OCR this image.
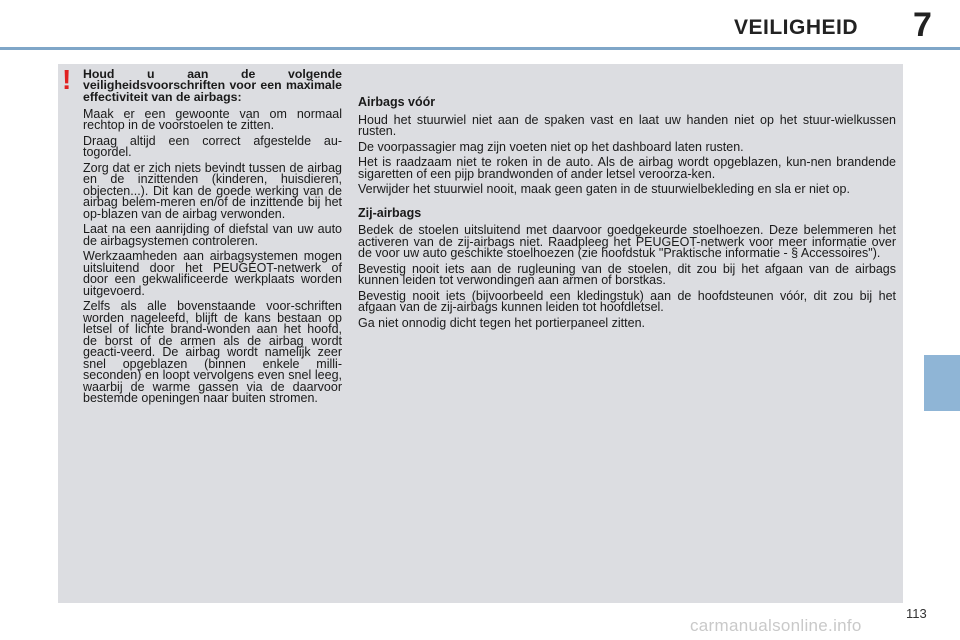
VEILIGHEID 7
! Houd u aan de volgende veiligheidsvoorschriften voor een maximale effectiviteit van de airbags:

Maak er een gewoonte van om normaal rechtop in de voorstoelen te zitten.

Draag altijd een correct afgestelde au-togordel.

Zorg dat er zich niets bevindt tussen de airbag en de inzittenden (kinderen, huisdieren, objecten...). Dit kan de goede werking van de airbag belem-meren en/of de inzittende bij het op-blazen van de airbag verwonden.

Laat na een aanrijding of diefstal van uw auto de airbagsystemen controleren.

Werkzaamheden aan airbagsystemen mogen uitsluitend door het PEUGEOT-netwerk of door een gekwalificeerde werkplaats worden uitgevoerd.

Zelfs als alle bovenstaande voor-schriften worden nageleefd, blijft de kans bestaan op letsel of lichte brand-wonden aan het hoofd, de borst of de armen als de airbag wordt geacti-veerd. De airbag wordt namelijk zeer snel opgeblazen (binnen enkele milli-seconden) en loopt vervolgens even snel leeg, waarbij de warme gassen via de daarvoor bestemde openingen naar buiten stromen.

Airbags vóór

Houd het stuurwiel niet aan de spaken vast en laat uw handen niet op het stuur-wielkussen rusten.

De voorpassagier mag zijn voeten niet op het dashboard laten rusten.

Het is raadzaam niet te roken in de auto. Als de airbag wordt opgeblazen, kun-nen brandende sigaretten of een pijp brandwonden of ander letsel veroorza-ken.

Verwijder het stuurwiel nooit, maak geen gaten in de stuurwielbekleding en sla er niet op.

Zij-airbags

Bedek de stoelen uitsluitend met daarvoor goedgekeurde stoelhoezen. Deze belemmeren het activeren van de zij-airbags niet. Raadpleeg het PEUGEOT-netwerk voor meer informatie over de voor uw auto geschikte stoelhoezen (zie hoofdstuk "Praktische informatie - § Accessoires").

Bevestig nooit iets aan de rugleuning van de stoelen, dit zou bij het afgaan van de airbags kunnen leiden tot verwondingen aan armen of borstkas.

Bevestig nooit iets (bijvoorbeeld een kledingstuk) aan de hoofdsteunen vóór, dit zou bij het afgaan van de zij-airbags kunnen leiden tot hoofdletsel.

Ga niet onnodig dicht tegen het portierpaneel zitten.

113
carmanualsonline.info
